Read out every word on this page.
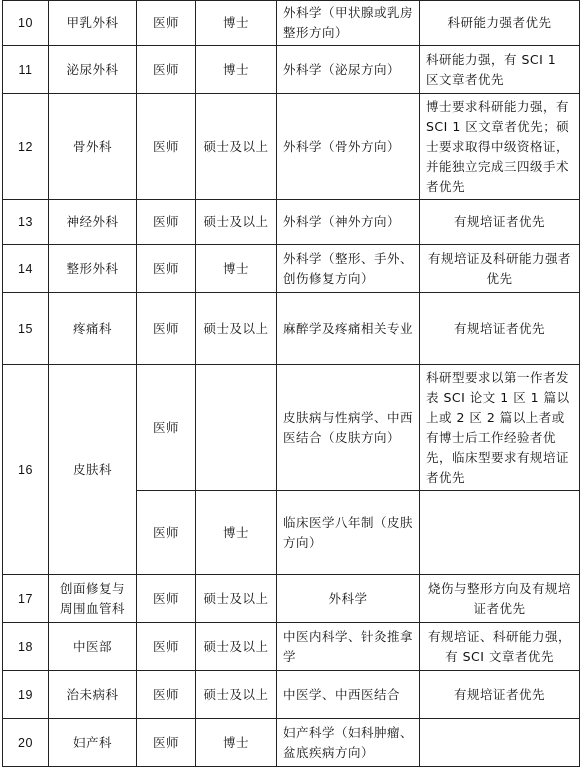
10	甲乳外科	医师	博士	外科学（甲状腺或乳房整形方向）	科研能力强者优先
11	泌尿外科	医师	博士	外科学（泌尿方向）	科研能力强，有 SCI 1 区文章者优先
12	骨外科	医师	硕士及以上	外科学（骨外方向）	博士要求科研能力强，有 SCI 1 区文章者优先；硕士要求取得中级资格证，并能独立完成三四级手术者优先
13	神经外科	医师	硕士及以上	外科学（神外方向）	有规培证者优先
14	整形外科	医师	博士	外科学（整形、手外、创伤修复方向）	有规培证及科研能力强者优先
15	疼痛科	医师	硕士及以上	麻醉学及疼痛相关专业	有规培证者优先
16	皮肤科	医师		皮肤病与性病学、中西医结合（皮肤方向）	科研型要求以第一作者发表 SCI 论文 1 区 1 篇以上或 2 区 2 篇以上者或有博士后工作经验者优先，临床型要求有规培证者优先
		医师	博士	临床医学八年制（皮肤方向）	
17	创面修复与周围血管科	医师	硕士及以上	外科学	烧伤与整形方向及有规培证者优先
18	中医部	医师	硕士及以上	中医内科学、针灸推拿学	有规培证、科研能力强，有 SCI 文章者优先
19	治未病科	医师	硕士及以上	中医学、中西医结合	有规培证者优先
20	妇产科	医师	博士	妇产科学（妇科肿瘤、盆底疾病方向）	
